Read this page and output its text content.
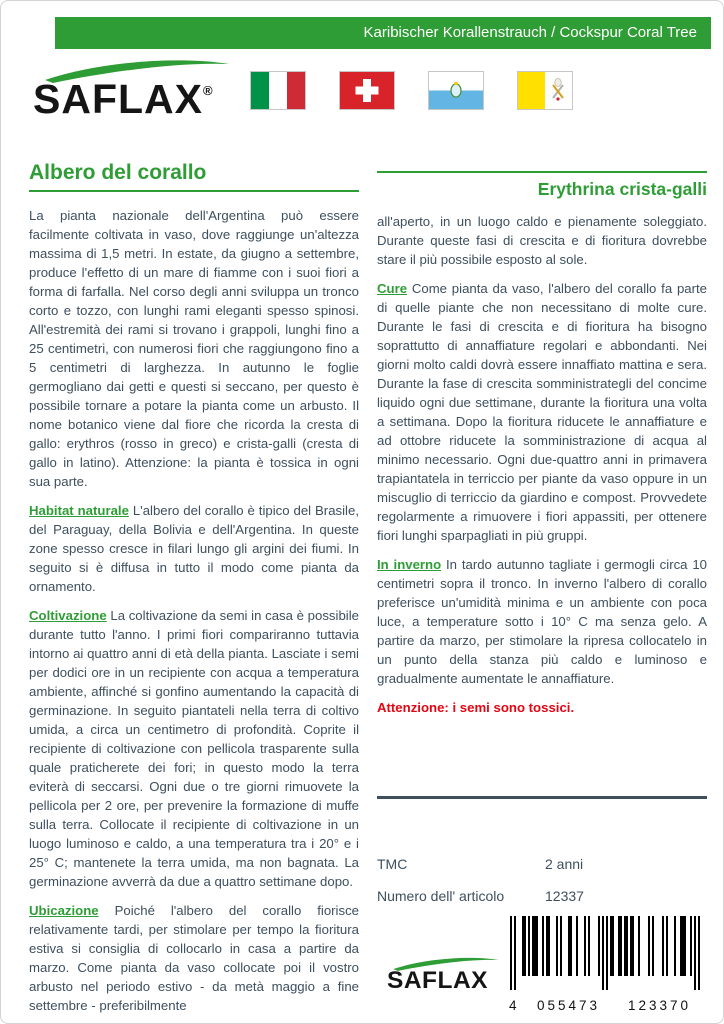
Karibischer Korallenstrauch / Cockspur Coral Tree
SAFLAX®
Albero del corallo

La pianta nazionale dell'Argentina può essere facilmente coltivata in vaso, dove raggiunge un'altezza massima di 1,5 metri. In estate, da giugno a settembre, produce l'effetto di un mare di fiamme con i suoi fiori a forma di farfalla. Nel corso degli anni sviluppa un tronco corto e tozzo, con lunghi rami eleganti spesso spinosi. All'estremità dei rami si trovano i grappoli, lunghi fino a 25 centimetri, con numerosi fiori che raggiungono fino a 5 centimetri di larghezza. In autunno le foglie germogliano dai getti e questi si seccano, per questo è possibile tornare a potare la pianta come un arbusto. Il nome botanico viene dal fiore che ricorda la cresta di gallo: erythros (rosso in greco) e crista-galli (cresta di gallo in latino). Attenzione: la pianta è tossica in ogni sua parte.

Habitat naturale L'albero del corallo è tipico del Brasile, del Paraguay, della Bolivia e dell'Argentina. In queste zone spesso cresce in filari lungo gli argini dei fiumi. In seguito si è diffusa in tutto il modo come pianta da ornamento.

Coltivazione La coltivazione da semi in casa è possibile durante tutto l'anno. I primi fiori compariranno tuttavia intorno ai quattro anni di età della pianta. Lasciate i semi per dodici ore in un recipiente con acqua a temperatura ambiente, affinché si gonfino aumentando la capacità di germinazione. In seguito piantateli nella terra di coltivo umida, a circa un centimetro di profondità. Coprite il recipiente di coltivazione con pellicola trasparente sulla quale praticherete dei fori; in questo modo la terra eviterà di seccarsi. Ogni due o tre giorni rimuovete la pellicola per 2 ore, per prevenire la formazione di muffe sulla terra. Collocate il recipiente di coltivazione in un luogo luminoso e caldo, a una temperatura tra i 20° e i 25° C; mantenete la terra umida, ma non bagnata. La germinazione avverrà da due a quattro settimane dopo.

Ubicazione Poiché l'albero del corallo fiorisce relativamente tardi, per stimolare per tempo la fioritura estiva si consiglia di collocarlo in casa a partire da marzo. Come pianta da vaso collocate poi il vostro arbusto nel periodo estivo - da metà maggio a fine settembre - preferibilmente

Erythrina crista-galli

all'aperto, in un luogo caldo e pienamente soleggiato. Durante queste fasi di crescita e di fioritura dovrebbe stare il più possibile esposto al sole.

Cure Come pianta da vaso, l'albero del corallo fa parte di quelle piante che non necessitano di molte cure. Durante le fasi di crescita e di fioritura ha bisogno soprattutto di annaffiature regolari e abbondanti. Nei giorni molto caldi dovrà essere innaffiato mattina e sera. Durante la fase di crescita somministrategli del concime liquido ogni due settimane, durante la fioritura una volta a settimana. Dopo la fioritura riducete le annaffiature e ad ottobre riducete la somministrazione di acqua al minimo necessario. Ogni due-quattro anni in primavera trapiantatela in terriccio per piante da vaso oppure in un miscuglio di terriccio da giardino e compost. Provvedete regolarmente a rimuovere i fiori appassiti, per ottenere fiori lunghi sparpagliati in più gruppi.

In inverno In tardo autunno tagliate i germogli circa 10 centimetri sopra il tronco. In inverno l'albero di corallo preferisce un'umidità minima e un ambiente con poca luce, a temperature sotto i 10° C ma senza gelo. A partire da marzo, per stimolare la ripresa collocatelo in un punto della stanza più caldo e luminoso e gradualmente aumentate le annaffiature.

Attenzione: i semi sono tossici.

TMC	2 anni
Numero dell' articolo	12337
SAFLAX
4	055473	123370
